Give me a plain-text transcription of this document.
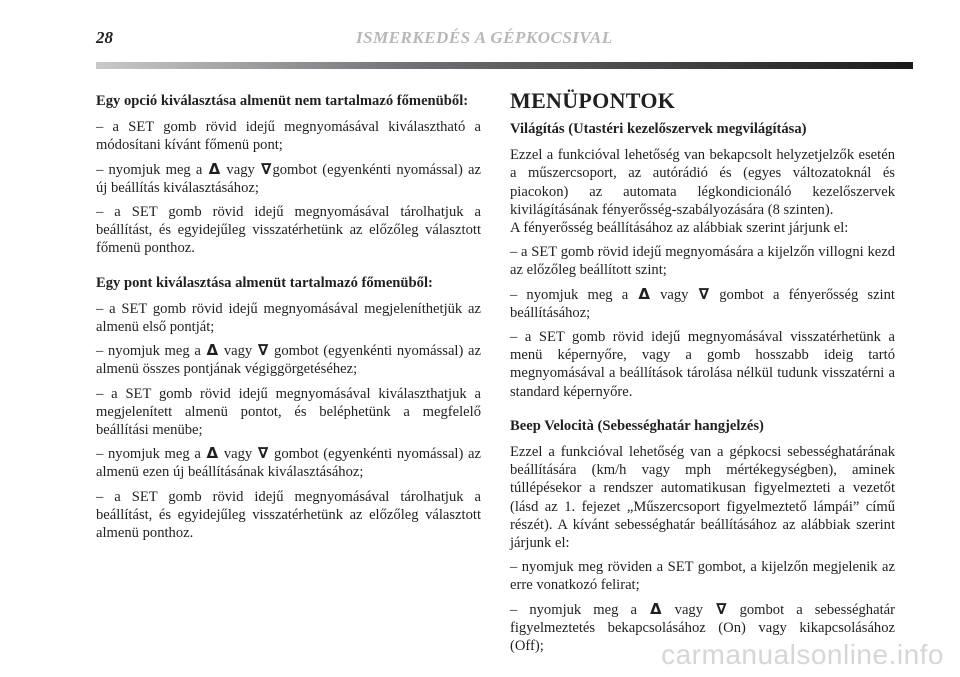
28	ISMERKEDÉS A GÉPKOCSIVAL
Egy opció kiválasztása almenüt nem tartalmazó főmenüből:

– a SET gomb rövid idejű megnyomásával kiválasztható a módosítani kívánt főmenü pont;

– nyomjuk meg a Δ vagy ∇gombot (egyenkénti nyomással) az új beállítás kiválasztásához;

– a SET gomb rövid idejű megnyomásával tárolhatjuk a beállítást, és egyidejűleg visszatérhetünk az előzőleg választott főmenü ponthoz.

Egy pont kiválasztása almenüt tartalmazó főmenüből:

– a SET gomb rövid idejű megnyomásával megjeleníthetjük az almenü első pontját;

– nyomjuk meg a Δ vagy ∇ gombot (egyenkénti nyomással) az almenü összes pontjának végiggörgetéséhez;

– a SET gomb rövid idejű megnyomásával kiválaszthatjuk a megjelenített almenü pontot, és beléphetünk a megfelelő beállítási menübe;

– nyomjuk meg a Δ vagy ∇ gombot (egyenkénti nyomással) az almenü ezen új beállításának kiválasztásához;

– a SET gomb rövid idejű megnyomásával tárolhatjuk a beállítást, és egyidejűleg visszatérhetünk az előzőleg választott almenü ponthoz.

MENÜPONTOK
Világítás (Utastéri kezelőszervek megvilágítása)

Ezzel a funkcióval lehetőség van bekapcsolt helyzetjelzők esetén a műszercsoport, az autórádió és (egyes változatoknál és piacokon) az automata légkondicionáló kezelőszervek kivilágításának fényerősség-szabályozására (8 szinten).
A fényerősség beállításához az alábbiak szerint járjunk el:

– a SET gomb rövid idejű megnyomására a kijelzőn villogni kezd az előzőleg beállított szint;

– nyomjuk meg a Δ vagy ∇ gombot a fényerősség szint beállításához;

– a SET gomb rövid idejű megnyomásával visszatérhetünk a menü képernyőre, vagy a gomb hosszabb ideig tartó megnyomásával a beállítások tárolása nélkül tudunk visszatérni a standard képernyőre.

Beep Velocità (Sebességhatár hangjelzés)

Ezzel a funkcióval lehetőség van a gépkocsi sebességhatárának beállítására (km/h vagy mph mértékegységben), aminek túllépésekor a rendszer automatikusan figyelmezteti a vezetőt (lásd az 1. fejezet „Műszercsoport figyelmeztető lámpái” című részét). A kívánt sebességhatár beállításához az alábbiak szerint járjunk el:

– nyomjuk meg röviden a SET gombot, a kijelzőn megjelenik az erre vonatkozó felirat;

– nyomjuk meg a Δ vagy ∇ gombot a sebességhatár figyelmeztetés bekapcsolásához (On) vagy kikapcsolásához (Off);	carmanualsonline.info
